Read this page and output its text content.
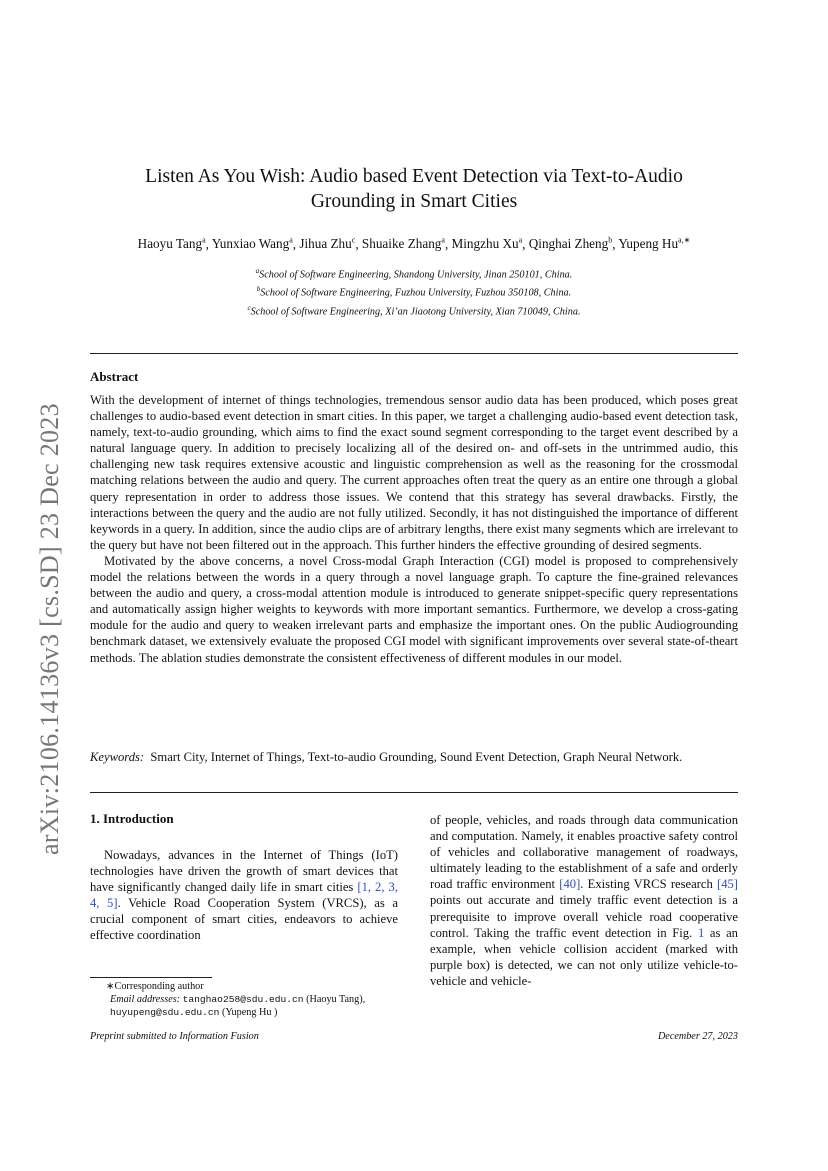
arXiv:2106.14136v3 [cs.SD] 23 Dec 2023
Listen As You Wish: Audio based Event Detection via Text-to-Audio
Grounding in Smart Cities
Haoyu Tang$^a$, Yunxiao Wang$^a$, Jihua Zhu$^c$, Shuaike Zhang$^a$, Mingzhu Xu$^a$, Qinghai Zheng$^b$, Yupeng $Hu^{a,∗}$
$^a$School of Software Engineering, Shandong University, Jinan 250101, China.
$^b$School of Software Engineering, Fuzhou University, Fuzhou 350108, China.
$^c$School of Software Engineering, Xi’an Jiaotong University, Xian 710049, China.
Abstract

With the development of internet of things technologies, tremendous sensor audio data has been produced, which poses great challenges to audio-based event detection in smart cities. In this paper, we target a challenging audio-based event detection task, namely, text-to-audio grounding, which aims to find the exact sound segment corresponding to the target event described by a natural language query. In addition to precisely localizing all of the desired on- and off-sets in the untrimmed audio, this challenging new task requires extensive acoustic and linguistic comprehension as well as the reasoning for the crossmodal matching relations between the audio and query. The current approaches often treat the query as an entire one through a global query representation in order to address those issues. We contend that this strategy has several drawbacks. Firstly, the interactions between the query and the audio are not fully utilized. Secondly, it has not distinguished the importance of different keywords in a query. In addition, since the audio clips are of arbitrary lengths, there exist many segments which are irrelevant to the query but have not been filtered out in the approach. This further hinders the effective grounding of desired segments.

Motivated by the above concerns, a novel Cross-modal Graph Interaction (CGI) model is proposed to comprehensively model the relations between the words in a query through a novel language graph. To capture the fine-grained relevances between the audio and query, a cross-modal attention module is introduced to generate snippet-specific query representations and automatically assign higher weights to keywords with more important semantics. Furthermore, we develop a cross-gating module for the audio and query to weaken irrelevant parts and emphasize the important ones. On the public Audiogrounding benchmark dataset, we extensively evaluate the proposed CGI model with significant improvements over several state-of-theart methods. The ablation studies demonstrate the consistent effectiveness of different modules in our model.

Keywords: Smart City, Internet of Things, Text-to-audio Grounding, Sound Event Detection, Graph Neural Network.
1. Introduction

Nowadays, advances in the Internet of Things (IoT) technologies have driven the growth of smart devices that have significantly changed daily life in smart cities [1, 2, 3, 4, 5]. Vehicle Road Cooperation System (VRCS), as a crucial component of smart cities, endeavors to achieve effective coordination

of people, vehicles, and roads through data communication and computation. Namely, it enables proactive safety control of vehicles and collaborative management of roadways, ultimately leading to the establishment of a safe and orderly road traffic environment [40]. Existing VRCS research [45] points out accurate and timely traffic event detection is a prerequisite to improve overall vehicle road cooperative control. Taking the traffic event detection in Fig. 1 as an example, when vehicle collision accident (marked with purple box) is detected, we can not only utilize vehicle-to-vehicle and vehicle-

∗Corresponding author
Email addresses: tanghao258@sdu.edu.cn (Haoyu Tang), huyupeng@sdu.edu.cn (Yupeng Hu )
Preprint submitted to Information Fusion	December 27, 2023
